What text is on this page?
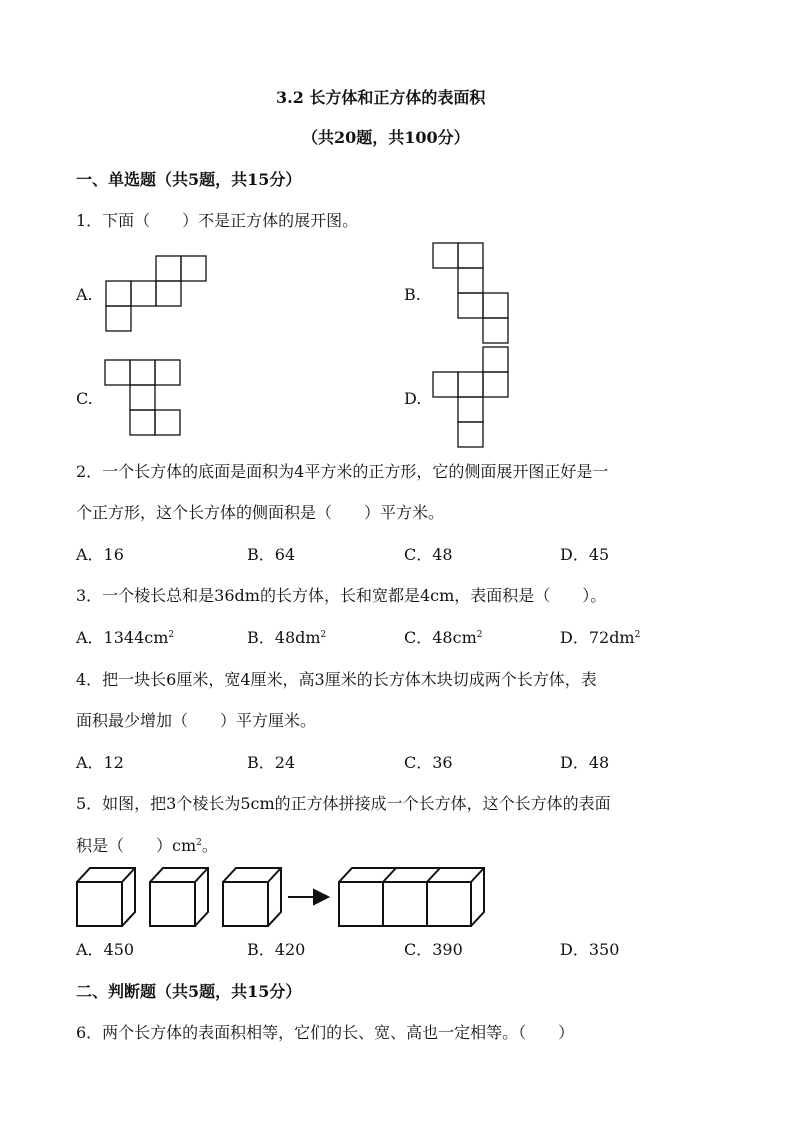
3.2 长方体和正方体的表面积
（共20题，共100分）
一、单选题（共5题，共15分）
1．下面（　　）不是正方体的展开图。
A.	B.
C.	D.
2．一个长方体的底面是面积为4平方米的正方形，它的侧面展开图正好是一
个正方形，这个长方体的侧面积是（　　）平方米。
A．16	B．64	C．48	D．45
3．一个棱长总和是36dm的长方体，长和宽都是4cm，表面积是（　　）。
A．$1344cm^2$	B．$48dm^2$	C．$48cm^2$	D．$72dm^2$
4．把一块长6厘米，宽4厘米，高3厘米的长方体木块切成两个长方体，表
面积最少增加（　　）平方厘米。
A．12	B．24	C．36	D．48
5．如图，把3个棱长为5cm的正方体拼接成一个长方体，这个长方体的表面
积是（　　）$cm^2$。
A．450	B．420	C．390	D．350
二、判断题（共5题，共15分）
6．两个长方体的表面积相等，它们的长、宽、高也一定相等。（　　）
